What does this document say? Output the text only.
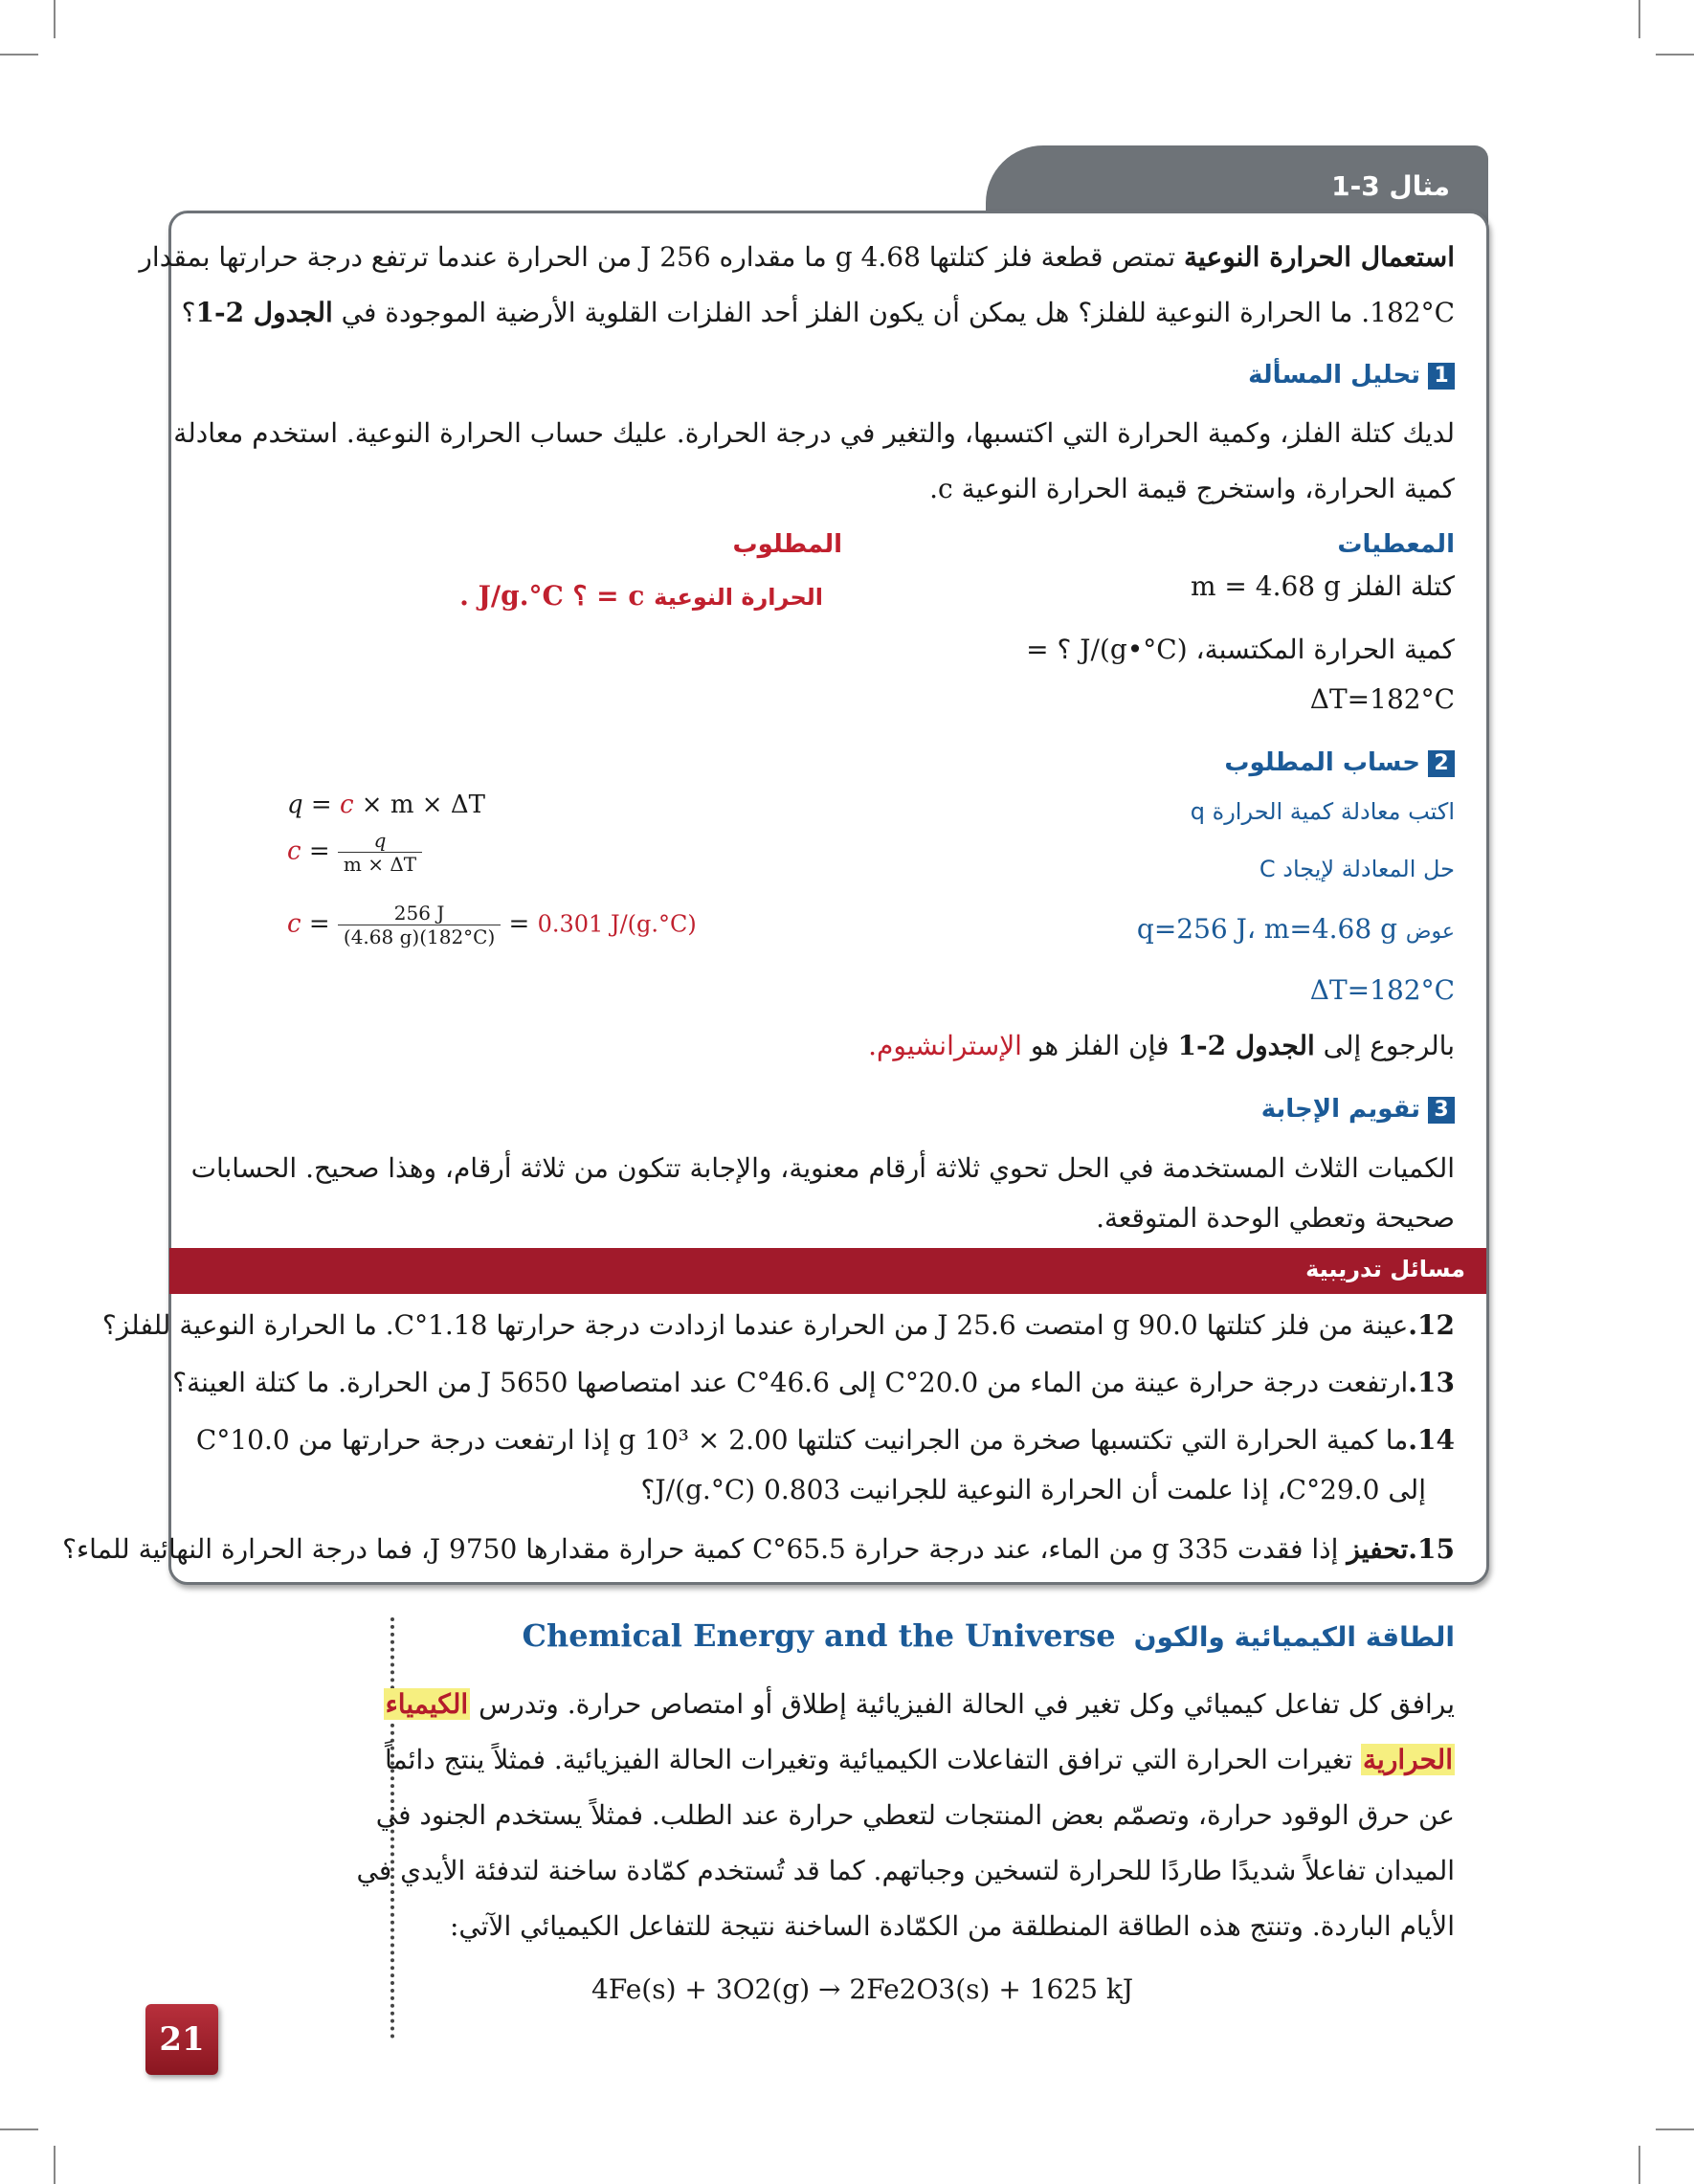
مثال 3-1
استعمال الحرارة النوعية تمتص قطعة فلز كتلتها 4.68 g ما مقداره 256 J من الحرارة عندما ترتفع درجة حرارتها بمقدار
182°C. ما الحرارة النوعية للفلز؟ هل يمكن أن يكون الفلز أحد الفلزات القلوية الأرضية الموجودة في الجدول 2-1؟
1تحليل المسألة
لديك كتلة الفلز، وكمية الحرارة التي اكتسبها، والتغير في درجة الحرارة. عليك حساب الحرارة النوعية. استخدم معادلة
كمية الحرارة، واستخرج قيمة الحرارة النوعية c.
المعطيات
كتلة الفلز m = 4.68 g
كمية الحرارة المكتسبة، J/(g•°C) ؟ =
ΔT=182°C
المطلوب
الحرارة النوعية c = ؟ J/g.°C .
2حساب المطلوب
اكتب معادلة كمية الحرارة q
حل المعادلة لإيجاد C
عوض q=256 J، m=4.68 g
ΔT=182°C
q = c × m × ΔT
$c = \frac{q}{m \times \Delta T}$
$c = \frac{256 J}{(4.68 g)(182^\circ C)} = 0.301$ J/(g.°C)
بالرجوع إلى الجدول 2-1 فإن الفلز هو الإسترانشيوم.
3تقويم الإجابة
الكميات الثلاث المستخدمة في الحل تحوي ثلاثة أرقام معنوية، والإجابة تتكون من ثلاثة أرقام، وهذا صحيح. الحسابات
صحيحة وتعطي الوحدة المتوقعة.
مسائل تدريبية
12.عينة من فلز كتلتها 90.0 g امتصت 25.6 J من الحرارة عندما ازدادت درجة حرارتها 1.18°C. ما الحرارة النوعية للفلز؟
13.ارتفعت درجة حرارة عينة من الماء من 20.0°C إلى 46.6°C عند امتصاصها 5650 J من الحرارة. ما كتلة العينة؟
14.ما كمية الحرارة التي تكتسبها صخرة من الجرانيت كتلتها 2.00 × 10³ g إذا ارتفعت درجة حرارتها من 10.0°C
إلى 29.0°C، إذا علمت أن الحرارة النوعية للجرانيت 0.803 J/(g.°C)؟
15.تحفيز إذا فقدت 335 g من الماء، عند درجة حرارة 65.5°C كمية حرارة مقدارها 9750 J، فما درجة الحرارة النهائية للماء؟
الطاقة الكيميائية والكون Chemical Energy and the Universe
يرافق كل تفاعل كيميائي وكل تغير في الحالة الفيزيائية إطلاق أو امتصاص حرارة. وتدرس الكيمياء
الحرارية تغيرات الحرارة التي ترافق التفاعلات الكيميائية وتغيرات الحالة الفيزيائية. فمثلاً ينتج دائماً
عن حرق الوقود حرارة، وتصمّم بعض المنتجات لتعطي حرارة عند الطلب. فمثلاً يستخدم الجنود في
الميدان تفاعلاً شديدًا طاردًا للحرارة لتسخين وجباتهم. كما قد تُستخدم كمّادة ساخنة لتدفئة الأيدي في
الأيام الباردة. وتنتج هذه الطاقة المنطلقة من الكمّادة الساخنة نتيجة للتفاعل الكيميائي الآتي:
4Fe(s) + 3O2(g) → 2Fe2O3(s) + 1625 kJ
21
